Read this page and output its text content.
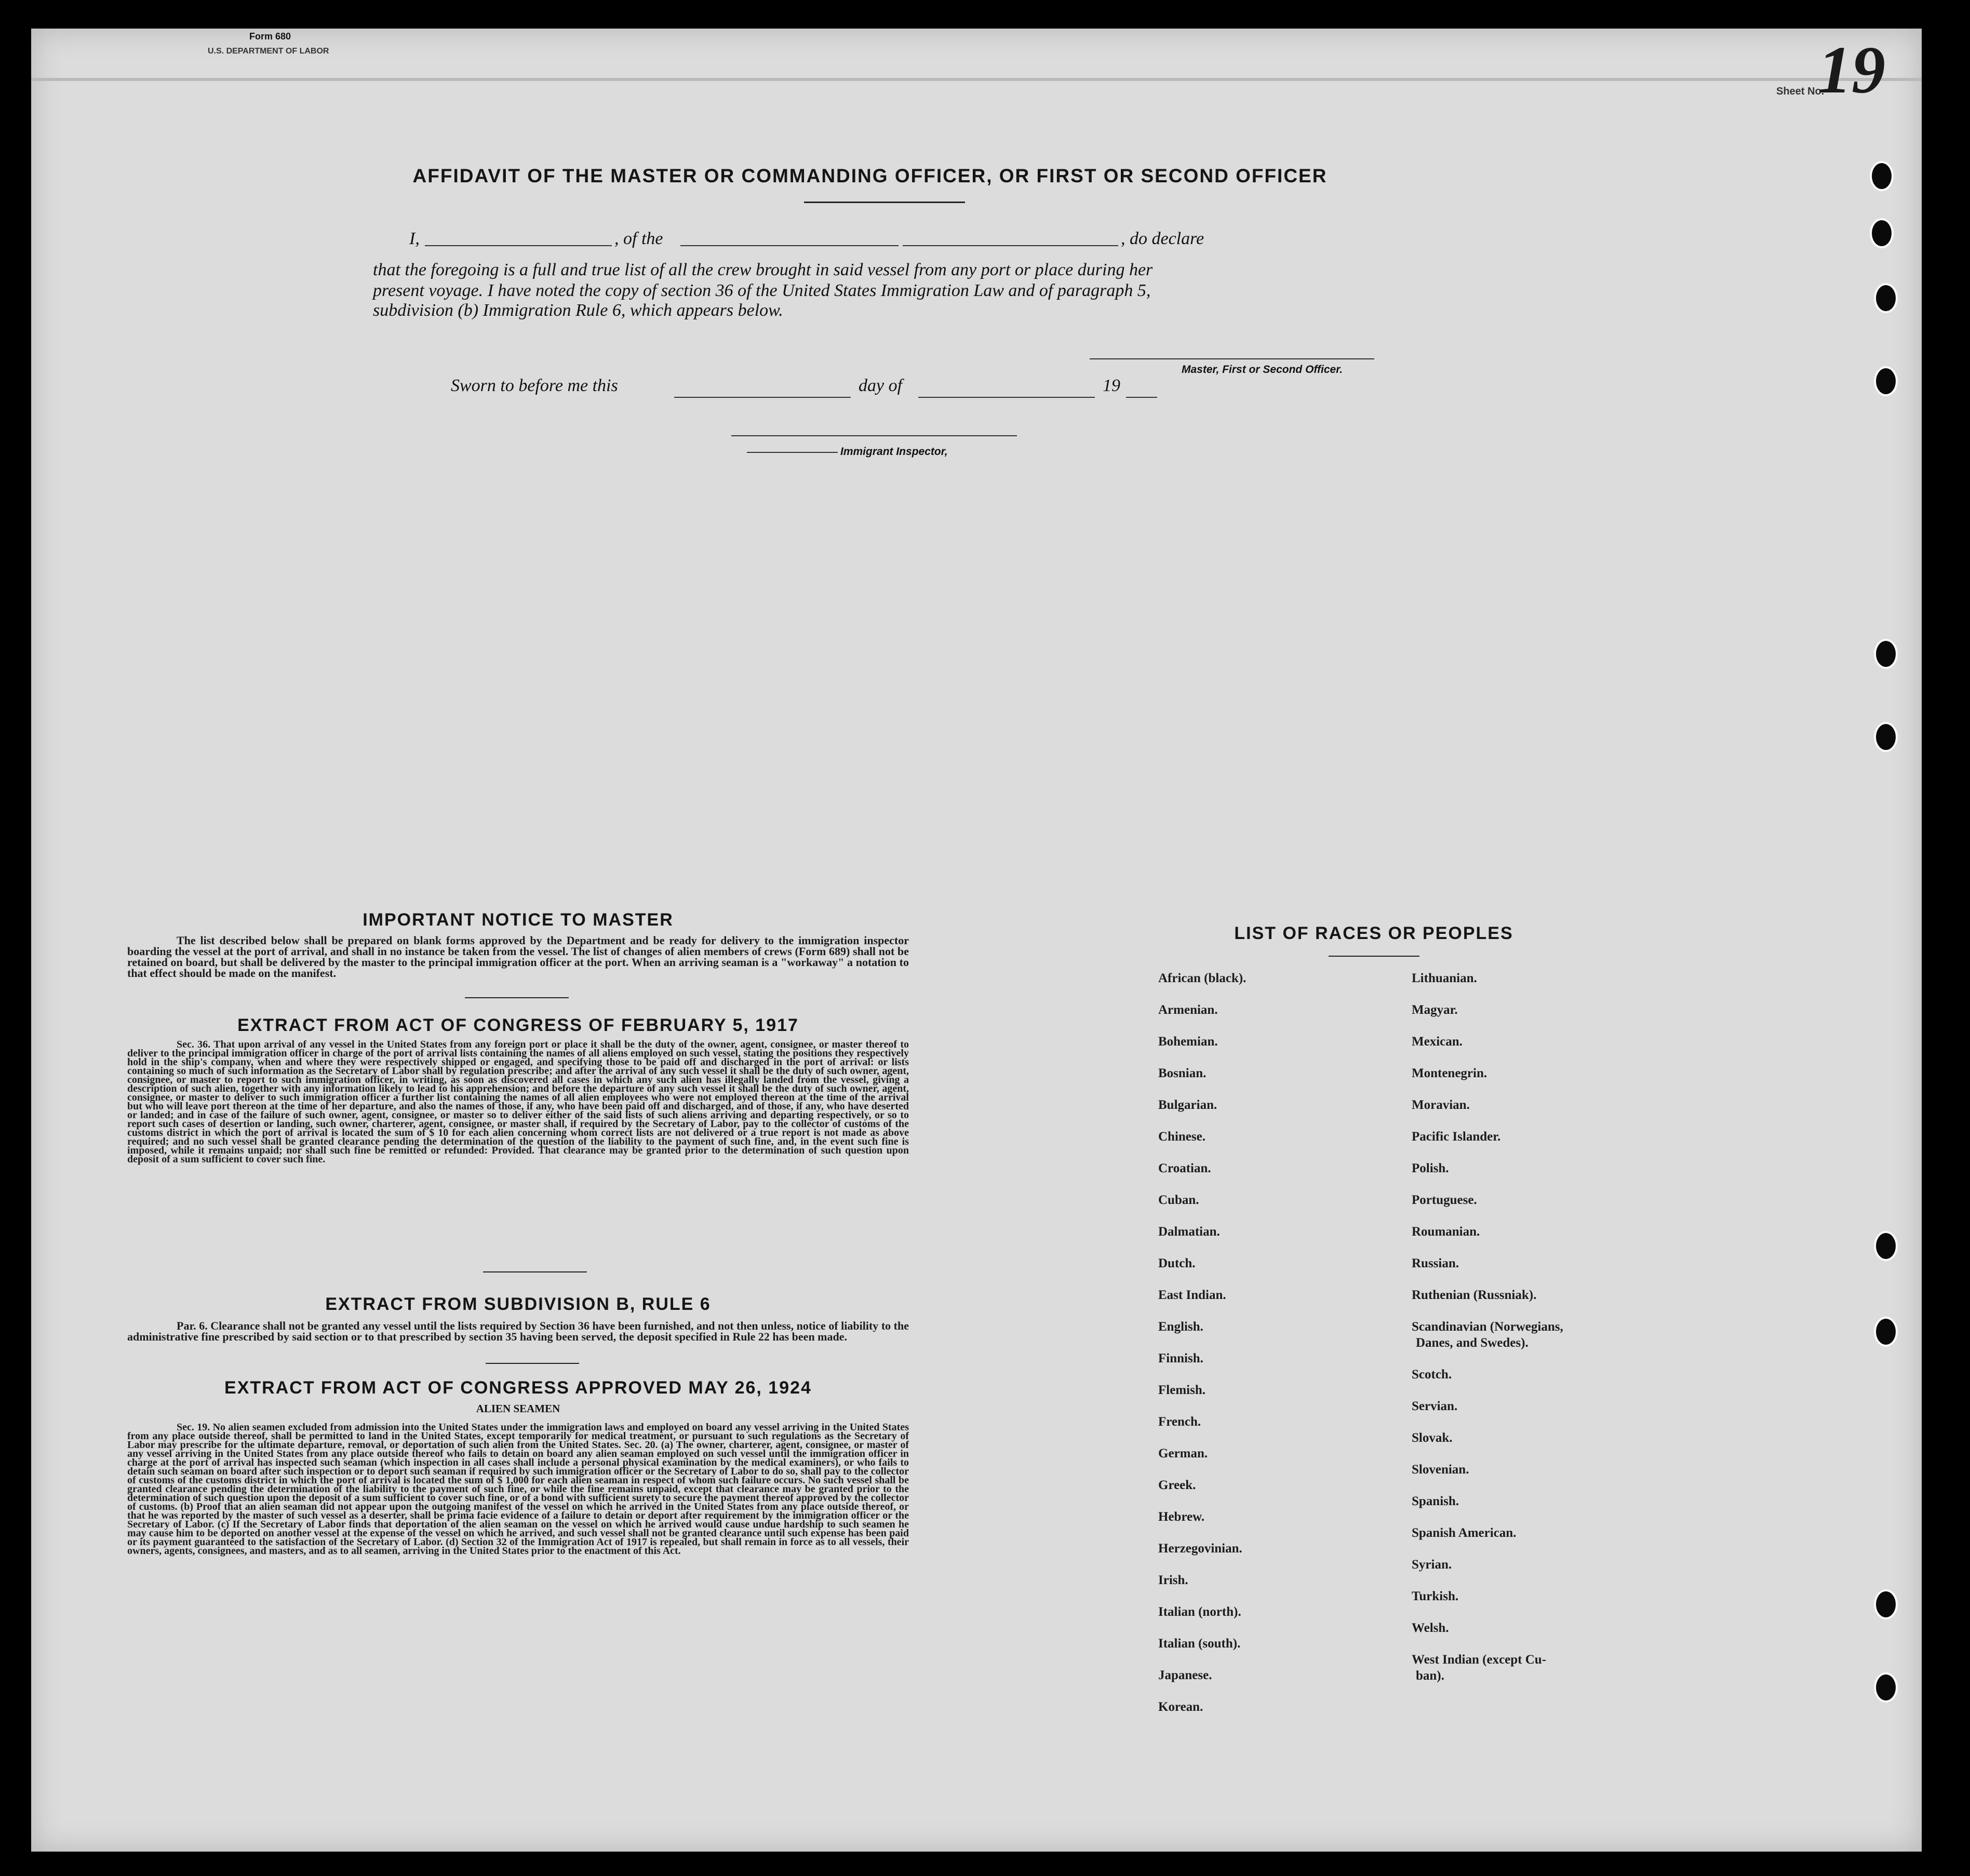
Form 680
U.S. DEPARTMENT OF LABOR
Sheet No.
19
AFFIDAVIT OF THE MASTER OR COMMANDING OFFICER, OR FIRST OR SECOND OFFICER
I,	, of the	, do declare
that the foregoing is a full and true list of all the crew brought in said vessel from any port or place during her
present voyage. I have noted the copy of section 36 of the United States Immigration Law and of paragraph 5,
subdivision (b) Immigration Rule 6, which appears below.
Master, First or Second Officer.
Sworn to before me this	day of	19
Immigrant Inspector,
IMPORTANT NOTICE TO MASTER
The list described below shall be prepared on blank forms approved by the Department and be ready for delivery to the immigration inspector boarding the vessel at the port of arrival, and shall in no instance be taken from the vessel. The list of changes of alien members of crews (Form 689) shall not be retained on board, but shall be delivered by the master to the principal immigration officer at the port. When an arriving seaman is a "workaway" a notation to that effect should be made on the manifest.
EXTRACT FROM ACT OF CONGRESS OF FEBRUARY 5, 1917
Sec. 36. That upon arrival of any vessel in the United States from any foreign port or place it shall be the duty of the owner, agent, consignee, or master thereof to deliver to the principal immigration officer in charge of the port of arrival lists containing the names of all aliens employed on such vessel, stating the positions they respectively hold in the ship's company, when and where they were respectively shipped or engaged, and specifying those to be paid off and discharged in the port of arrival: or lists containing so much of such information as the Secretary of Labor shall by regulation prescribe; and after the arrival of any such vessel it shall be the duty of such owner, agent, consignee, or master to report to such immigration officer, in writing, as soon as discovered all cases in which any such alien has illegally landed from the vessel, giving a description of such alien, together with any information likely to lead to his apprehension; and before the departure of any such vessel it shall be the duty of such owner, agent, consignee, or master to deliver to such immigration officer a further list containing the names of all alien employees who were not employed thereon at the time of the arrival but who will leave port thereon at the time of her departure, and also the names of those, if any, who have been paid off and discharged, and of those, if any, who have deserted or landed; and in case of the failure of such owner, agent, consignee, or master so to deliver either of the said lists of such aliens arriving and departing respectively, or so to report such cases of desertion or landing, such owner, charterer, agent, consignee, or master shall, if required by the Secretary of Labor, pay to the collector of customs of the customs district in which the port of arrival is located the sum of $ 10 for each alien concerning whom correct lists are not delivered or a true report is not made as above required; and no such vessel shall be granted clearance pending the determination of the question of the liability to the payment of such fine, and, in the event such fine is imposed, while it remains unpaid; nor shall such fine be remitted or refunded: Provided. That clearance may be granted prior to the determination of such question upon deposit of a sum sufficient to cover such fine.
EXTRACT FROM SUBDIVISION B, RULE 6
Par. 6. Clearance shall not be granted any vessel until the lists required by Section 36 have been furnished, and not then unless, notice of liability to the administrative fine prescribed by said section or to that prescribed by section 35 having been served, the deposit specified in Rule 22 has been made.
EXTRACT FROM ACT OF CONGRESS APPROVED MAY 26, 1924
ALIEN SEAMEN
Sec. 19. No alien seamen excluded from admission into the United States under the immigration laws and employed on board any vessel arriving in the United States from any place outside thereof, shall be permitted to land in the United States, except temporarily for medical treatment, or pursuant to such regulations as the Secretary of Labor may prescribe for the ultimate departure, removal, or deportation of such alien from the United States. Sec. 20. (a) The owner, charterer, agent, consignee, or master of any vessel arriving in the United States from any place outside thereof who fails to detain on board any alien seaman employed on such vessel until the immigration officer in charge at the port of arrival has inspected such seaman (which inspection in all cases shall include a personal physical examination by the medical examiners), or who fails to detain such seaman on board after such inspection or to deport such seaman if required by such immigration officer or the Secretary of Labor to do so, shall pay to the collector of customs of the customs district in which the port of arrival is located the sum of $ 1,000 for each alien seaman in respect of whom such failure occurs. No such vessel shall be granted clearance pending the determination of the liability to the payment of such fine, or while the fine remains unpaid, except that clearance may be granted prior to the determination of such question upon the deposit of a sum sufficient to cover such fine, or of a bond with sufficient surety to secure the payment thereof approved by the collector of customs. (b) Proof that an alien seaman did not appear upon the outgoing manifest of the vessel on which he arrived in the United States from any place outside thereof, or that he was reported by the master of such vessel as a deserter, shall be prima facie evidence of a failure to detain or deport after requirement by the immigration officer or the Secretary of Labor. (c) If the Secretary of Labor finds that deportation of the alien seaman on the vessel on which he arrived would cause undue hardship to such seamen he may cause him to be deported on another vessel at the expense of the vessel on which he arrived, and such vessel shall not be granted clearance until such expense has been paid or its payment guaranteed to the satisfaction of the Secretary of Labor. (d) Section 32 of the Immigration Act of 1917 is repealed, but shall remain in force as to all vessels, their owners, agents, consignees, and masters, and as to all seamen, arriving in the United States prior to the enactment of this Act.
LIST OF RACES OR PEOPLES
African (black).
Armenian.
Bohemian.
Bosnian.
Bulgarian.
Chinese.
Croatian.
Cuban.
Dalmatian.
Dutch.
East Indian.
English.
Finnish.
Flemish.
French.
German.
Greek.
Hebrew.
Herzegovinian.
Irish.
Italian (north).
Italian (south).
Japanese.
Korean.
Lithuanian.
Magyar.
Mexican.
Montenegrin.
Moravian.
Pacific Islander.
Polish.
Portuguese.
Roumanian.
Russian.
Ruthenian (Russniak).
Scandinavian (Norwegians,
Danes, and Swedes).
Scotch.
Servian.
Slovak.
Slovenian.
Spanish.
Spanish American.
Syrian.
Turkish.
Welsh.
West Indian (except Cu-
ban).
